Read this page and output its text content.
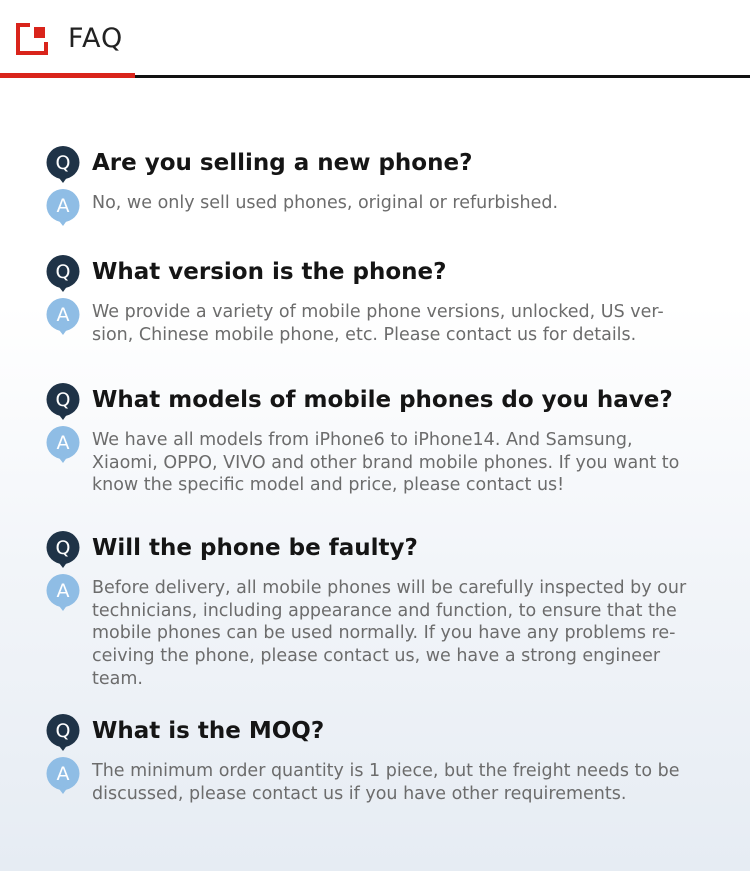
FAQ
Q Are you selling a new phone?
A No, we only sell used phones, original or refurbished.
Q What version is the phone?
A We provide a variety of mobile phone versions, unlocked, US ver-
sion, Chinese mobile phone, etc. Please contact us for details.
Q What models of mobile phones do you have?
A We have all models from iPhone6 to iPhone14. And Samsung,
Xiaomi, OPPO, VIVO and other brand mobile phones. If you want to
know the specific model and price, please contact us!
Q Will the phone be faulty?
A Before delivery, all mobile phones will be carefully inspected by our
technicians, including appearance and function, to ensure that the
mobile phones can be used normally. If you have any problems re-
ceiving the phone, please contact us, we have a strong engineer
team.
Q What is the MOQ?
A The minimum order quantity is 1 piece, but the freight needs to be
discussed, please contact us if you have other requirements.
